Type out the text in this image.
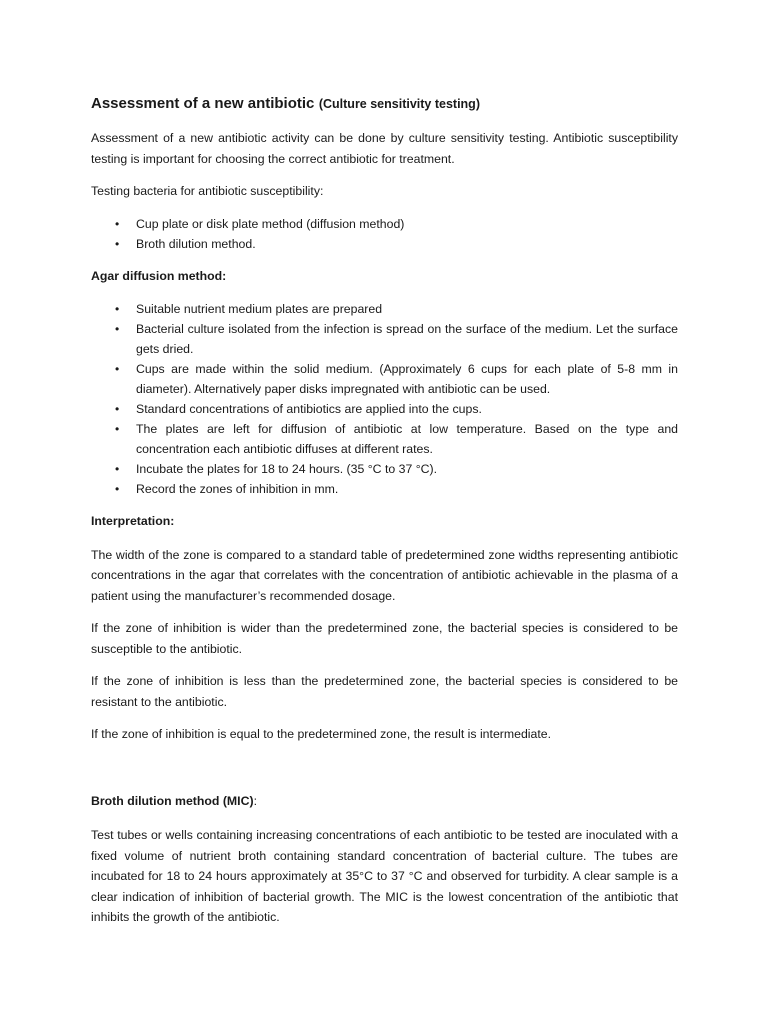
Assessment of a new antibiotic (Culture sensitivity testing)

Assessment of a new antibiotic activity can be done by culture sensitivity testing. Antibiotic susceptibility testing is important for choosing the correct antibiotic for treatment.

Testing bacteria for antibiotic susceptibility:

• Cup plate or disk plate method (diffusion method)
• Broth dilution method.

Agar diffusion method:

• Suitable nutrient medium plates are prepared
• Bacterial culture isolated from the infection is spread on the surface of the medium. Let the surface gets dried.
• Cups are made within the solid medium. (Approximately 6 cups for each plate of 5-8 mm in diameter). Alternatively paper disks impregnated with antibiotic can be used.
• Standard concentrations of antibiotics are applied into the cups.
• The plates are left for diffusion of antibiotic at low temperature. Based on the type and concentration each antibiotic diffuses at different rates.
• Incubate the plates for 18 to 24 hours. (35 °C to 37 °C).
• Record the zones of inhibition in mm.

Interpretation:

The width of the zone is compared to a standard table of predetermined zone widths representing antibiotic concentrations in the agar that correlates with the concentration of antibiotic achievable in the plasma of a patient using the manufacturer’s recommended dosage.

If the zone of inhibition is wider than the predetermined zone, the bacterial species is considered to be susceptible to the antibiotic.

If the zone of inhibition is less than the predetermined zone, the bacterial species is considered to be resistant to the antibiotic.

If the zone of inhibition is equal to the predetermined zone, the result is intermediate.

Broth dilution method (MIC):

Test tubes or wells containing increasing concentrations of each antibiotic to be tested are inoculated with a fixed volume of nutrient broth containing standard concentration of bacterial culture. The tubes are incubated for 18 to 24 hours approximately at 35°C to 37 °C and observed for turbidity. A clear sample is a clear indication of inhibition of bacterial growth. The MIC is the lowest concentration of the antibiotic that inhibits the growth of the antibiotic.
